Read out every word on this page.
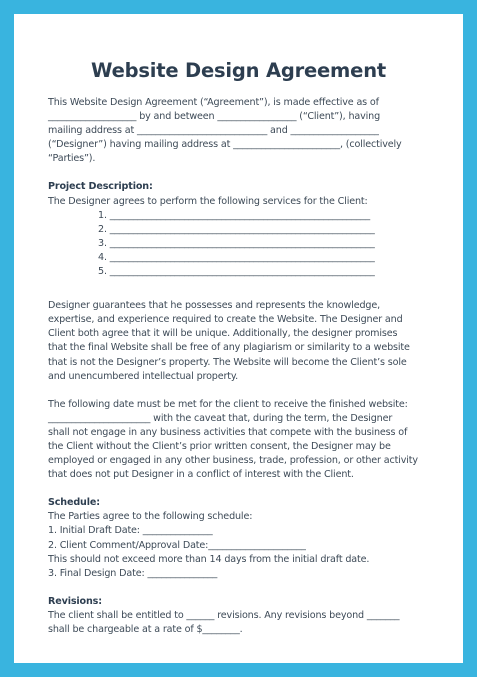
Website Design Agreement

This Website Design Agreement (“Agreement”), is made effective as of
___________________ by and between _________________ (“Client”), having
mailing address at ____________________________ and ___________________
(“Designer”) having mailing address at _______________________, (collectively
“Parties”).

Project Description:

The Designer agrees to perform the following services for the Client:

1. ________________________________________________________
2. _________________________________________________________
3. _________________________________________________________
4. _________________________________________________________
5. _________________________________________________________

Designer guarantees that he possesses and represents the knowledge,
expertise, and experience required to create the Website. The Designer and
Client both agree that it will be unique. Additionally, the designer promises
that the final Website shall be free of any plagiarism or similarity to a website
that is not the Designer’s property. The Website will become the Client’s sole
and unencumbered intellectual property.

The following date must be met for the client to receive the finished website:
______________________ with the caveat that, during the term, the Designer
shall not engage in any business activities that compete with the business of
the Client without the Client’s prior written consent, the Designer may be
employed or engaged in any other business, trade, profession, or other activity
that does not put Designer in a conflict of interest with the Client.

Schedule:

The Parties agree to the following schedule:
1. Initial Draft Date: _______________
2. Client Comment/Approval Date:_____________________
This should not exceed more than 14 days from the initial draft date.
3. Final Design Date: _______________

Revisions:

The client shall be entitled to ______ revisions. Any revisions beyond _______
shall be chargeable at a rate of $________.
